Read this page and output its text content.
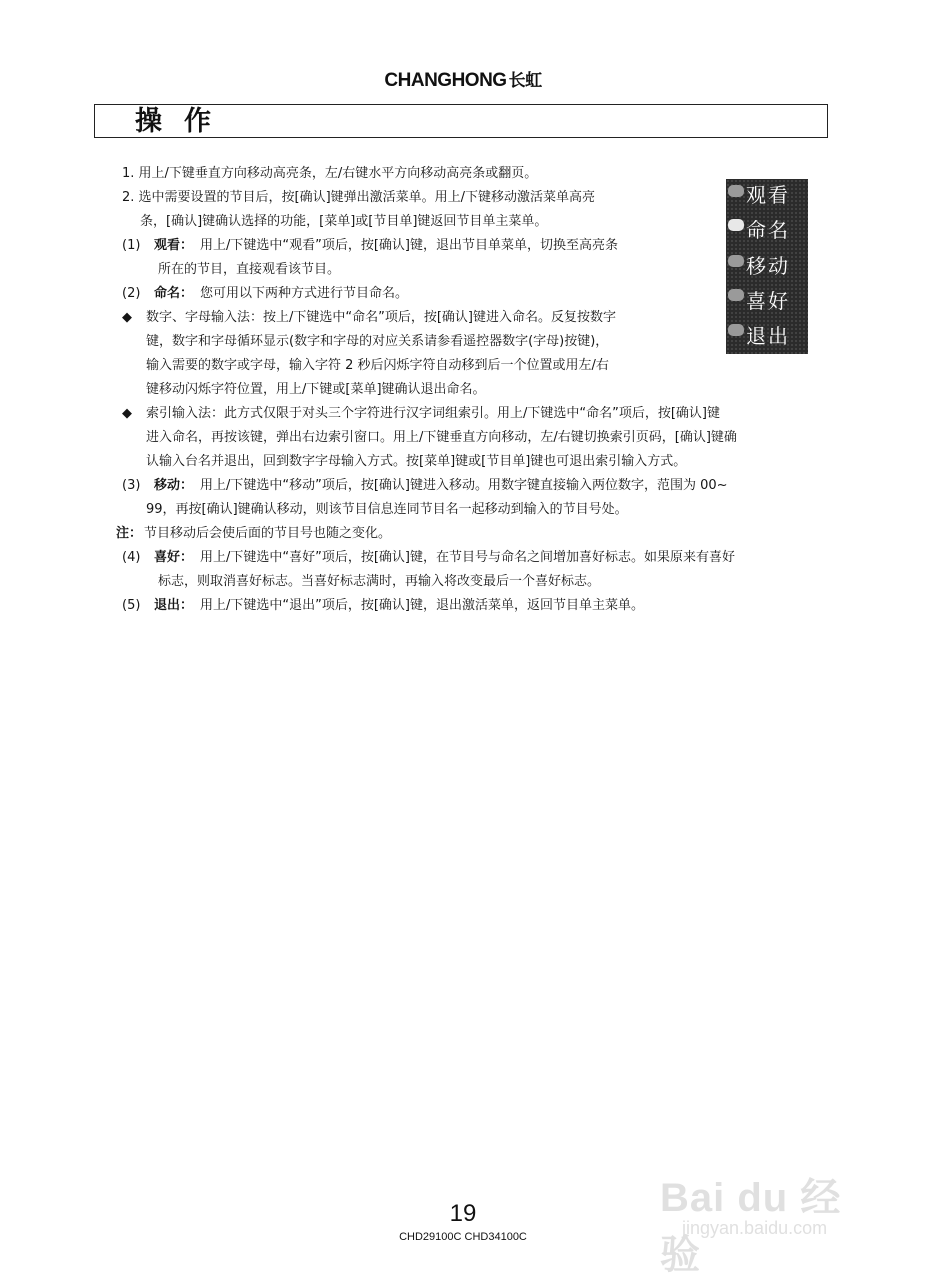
CHANGHONG 长虹
操作
1. 用上/下键垂直方向移动高亮条，左/右键水平方向移动高亮条或翻页。
2. 选中需要设置的节目后，按[确认]键弹出激活菜单。用上/下键移动激活菜单高亮
条，[确认]键确认选择的功能，[菜单]或[节目单]键返回节目单主菜单。
(1) 观看： 用上/下键选中“观看”项后，按[确认]键，退出节目单菜单，切换至高亮条
所在的节目，直接观看该节目。
(2) 命名： 您可用以下两种方式进行节目命名。
◆ 数字、字母输入法：按上/下键选中“命名”项后，按[确认]键进入命名。反复按数字
键，数字和字母循环显示(数字和字母的对应关系请参看遥控器数字(字母)按键)，
输入需要的数字或字母，输入字符 2 秒后闪烁字符自动移到后一个位置或用左/右
键移动闪烁字符位置，用上/下键或[菜单]键确认退出命名。
◆ 索引输入法：此方式仅限于对头三个字符进行汉字词组索引。用上/下键选中“命名”项后，按[确认]键
进入命名，再按该键，弹出右边索引窗口。用上/下键垂直方向移动，左/右键切换索引页码，[确认]键确
认输入台名并退出，回到数字字母输入方式。按[菜单]键或[节目单]键也可退出索引输入方式。
(3) 移动： 用上/下键选中“移动”项后，按[确认]键进入移动。用数字键直接输入两位数字，范围为 00~
99，再按[确认]键确认移动，则该节目信息连同节目名一起移动到输入的节目号处。
注： 节目移动后会使后面的节目号也随之变化。
(4) 喜好： 用上/下键选中“喜好”项后，按[确认]键，在节目号与命名之间增加喜好标志。如果原来有喜好
标志，则取消喜好标志。当喜好标志满时，再输入将改变最后一个喜好标志。
(5) 退出： 用上/下键选中“退出”项后，按[确认]键，退出激活菜单，返回节目单主菜单。
观看
命名
移动
喜好
退出
Bai du 经验
jingyan.baidu.com
19
CHD29100C CHD34100C
